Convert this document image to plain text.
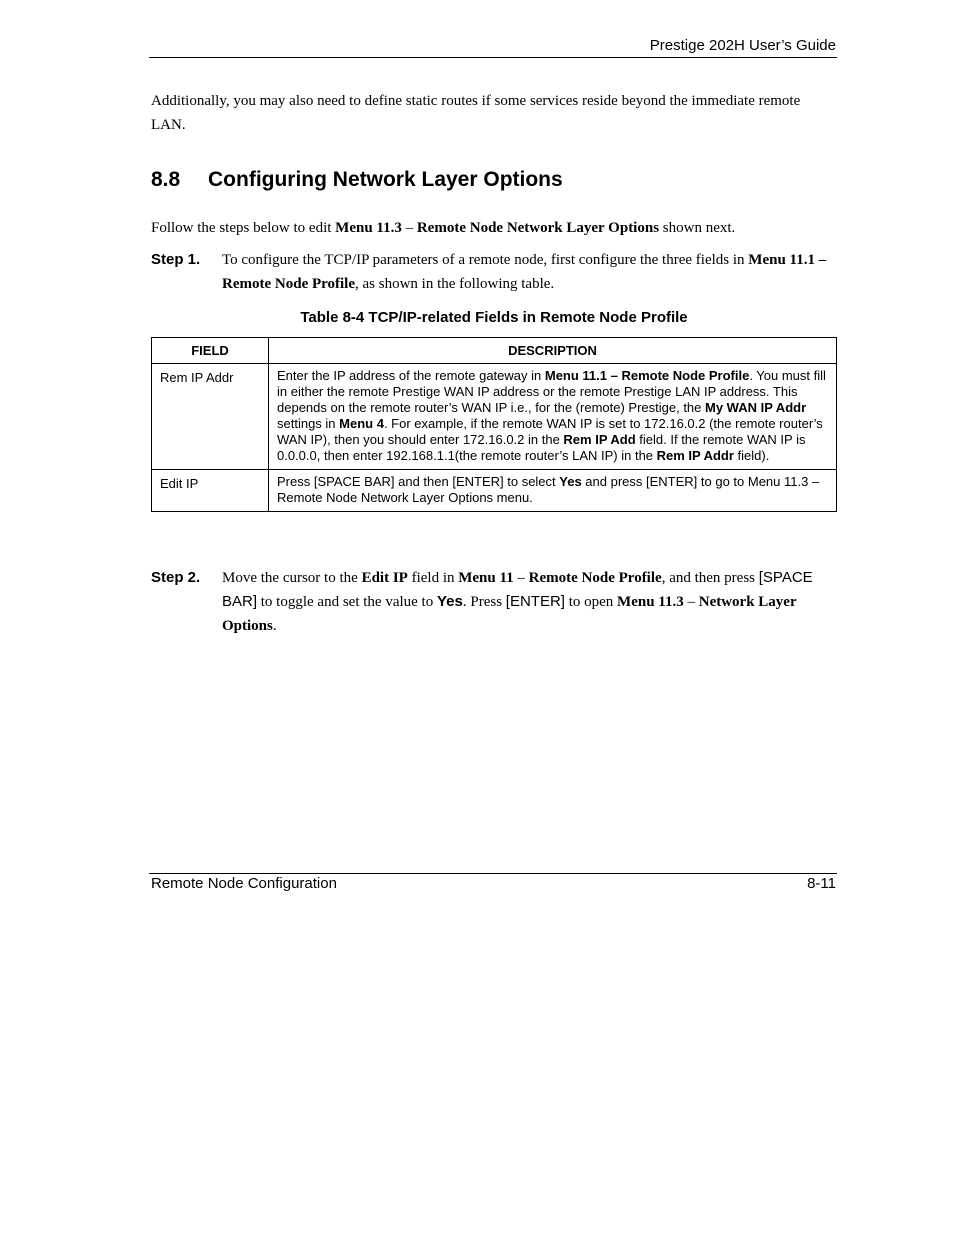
Prestige 202H User’s Guide

Additionally, you may also need to define static routes if some services reside beyond the immediate remote LAN.

8.8 Configuring Network Layer Options

Follow the steps below to edit Menu 11.3 – Remote Node Network Layer Options shown next.

Step 1. To configure the TCP/IP parameters of a remote node, first configure the three fields in Menu 11.1 – Remote Node Profile, as shown in the following table.
Table 8-4 TCP/IP-related Fields in Remote Node Profile
FIELD	DESCRIPTION
Rem IP Addr	Enter the IP address of the remote gateway in Menu 11.1 – Remote Node Profile. You must fill in either the remote Prestige WAN IP address or the remote Prestige LAN IP address. This depends on the remote router’s WAN IP i.e., for the (remote) Prestige, the My WAN IP Addr settings in Menu 4. For example, if the remote WAN IP is set to 172.16.0.2 (the remote router’s WAN IP), then you should enter 172.16.0.2 in the Rem IP Add field. If the remote WAN IP is 0.0.0.0, then enter 192.168.1.1(the remote router’s LAN IP) in the Rem IP Addr field).
Edit IP	Press [SPACE BAR] and then [ENTER] to select Yes and press [ENTER] to go to Menu 11.3 – Remote Node Network Layer Options menu.
Step 2. Move the cursor to the Edit IP field in Menu 11 – Remote Node Profile, and then press [SPACE BAR] to toggle and set the value to Yes. Press [ENTER] to open Menu 11.3 – Network Layer Options.
Remote Node Configuration	8-11
